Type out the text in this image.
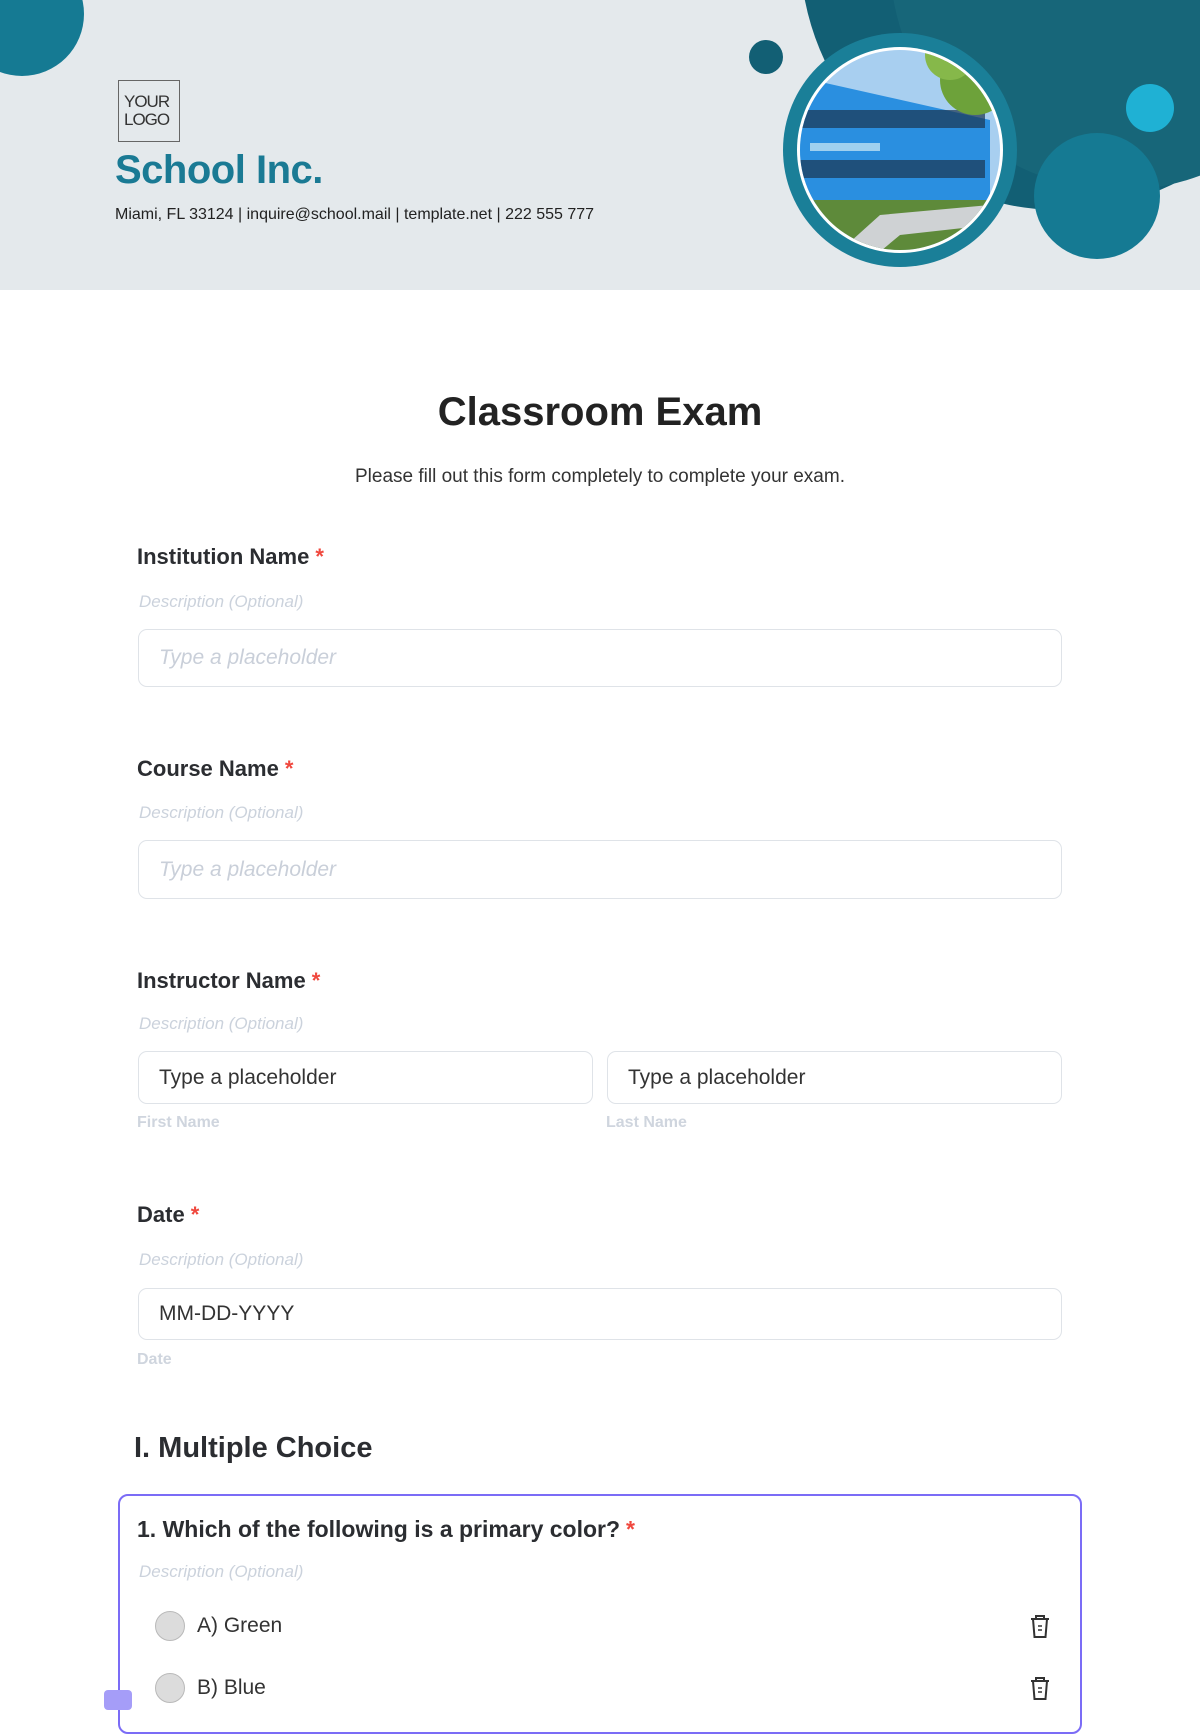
YOUR LOGO
School Inc.
Miami, FL 33124 | inquire@school.mail | template.net | 222 555 777
Classroom Exam
Please fill out this form completely to complete your exam.
Institution Name *
Description (Optional)
Type a placeholder
Course Name *
Description (Optional)
Type a placeholder
Instructor Name *
Description (Optional)
Type a placeholder	Type a placeholder
First Name	Last Name
Date *
Description (Optional)
MM-DD-YYYY
Date
I. Multiple Choice
1. Which of the following is a primary color? *
Description (Optional)
A) Green
B) Blue
